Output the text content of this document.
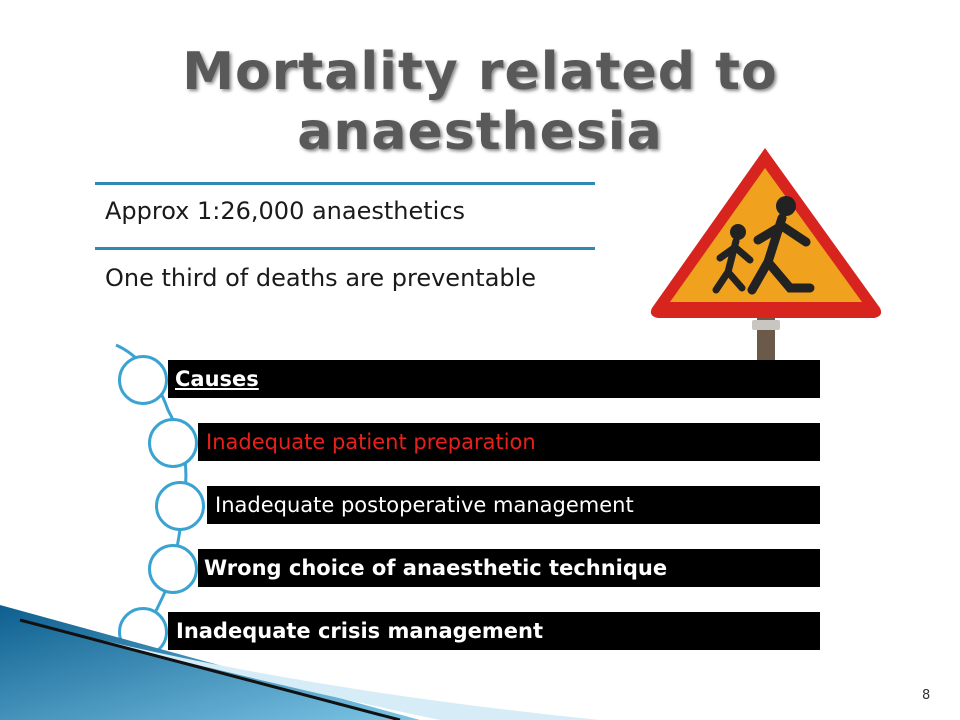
Mortality related to anaesthesia
Approx 1:26,000 anaesthetics
One third of deaths are preventable
Causes
Inadequate patient preparation
Inadequate postoperative management
Wrong choice of anaesthetic technique
Inadequate crisis management
8
